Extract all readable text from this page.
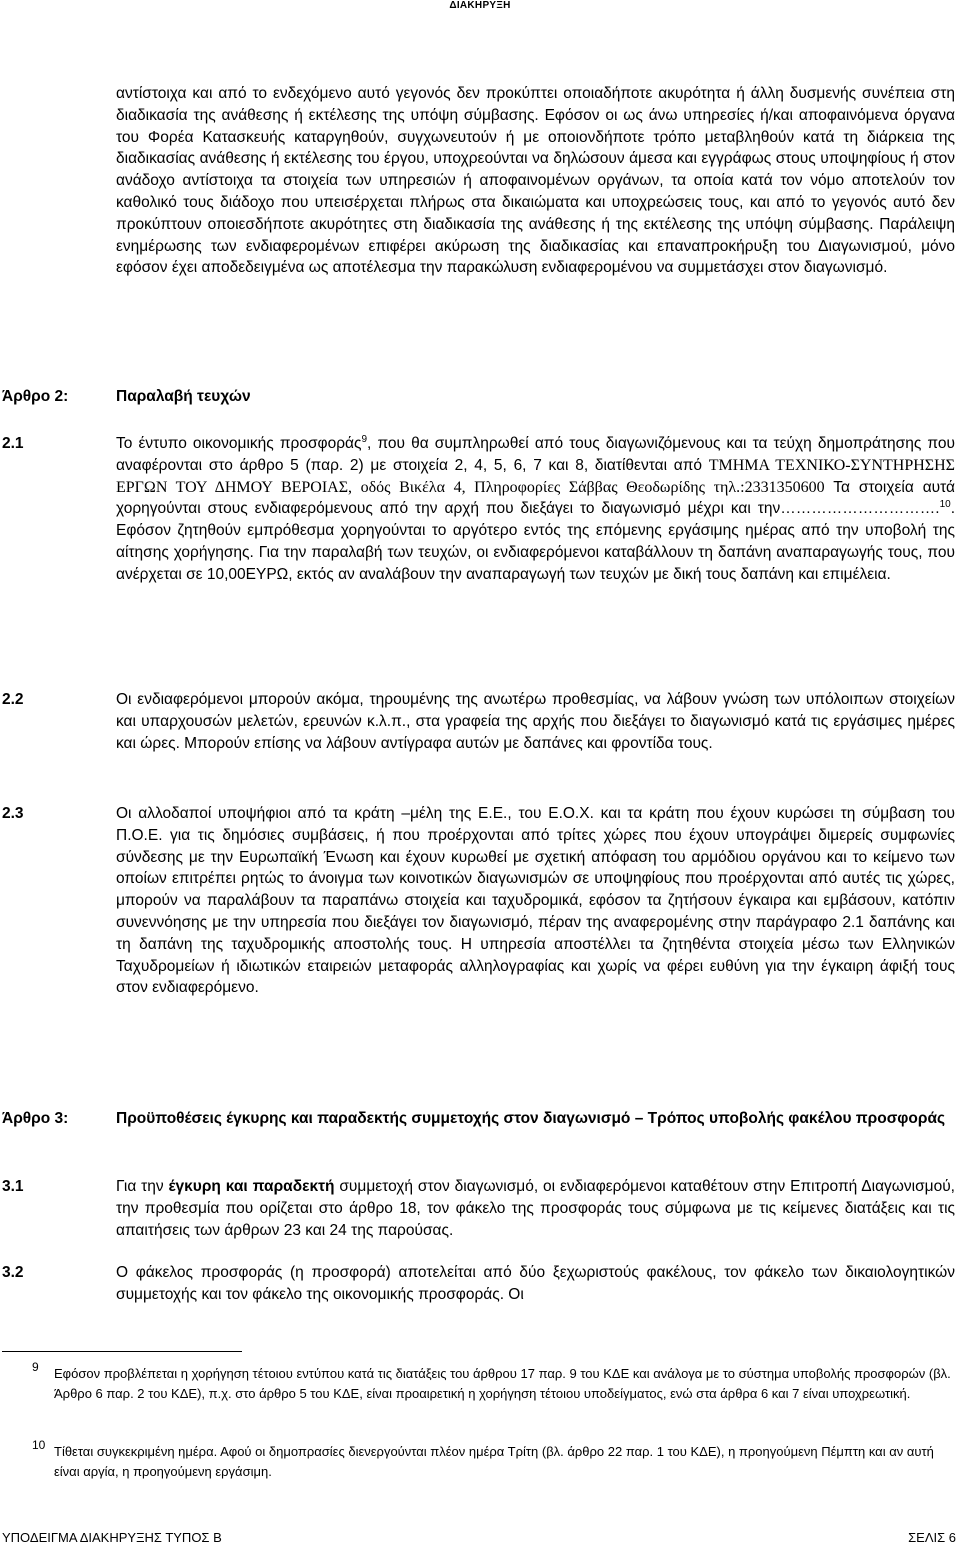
ΔΙΑΚΗΡΥΞΗ

αντίστοιχα και από το ενδεχόμενο αυτό γεγονός δεν προκύπτει οποιαδήποτε ακυρότητα ή άλλη δυσμενής συνέπεια στη διαδικασία της ανάθεσης ή εκτέλεσης της υπόψη σύμβασης. Εφόσον οι ως άνω υπηρεσίες ή/και αποφαινόμενα όργανα του Φορέα Κατασκευής καταργηθούν, συγχωνευτούν ή με οποιονδήποτε τρόπο μεταβληθούν κατά τη διάρκεια της διαδικασίας ανάθεσης ή εκτέλεσης του έργου, υποχρεούνται να δηλώσουν άμεσα και εγγράφως στους υποψηφίους ή στον ανάδοχο αντίστοιχα τα στοιχεία των υπηρεσιών ή αποφαινομένων οργάνων, τα οποία κατά τον νόμο αποτελούν τον καθολικό τους διάδοχο που υπεισέρχεται πλήρως στα δικαιώματα και υποχρεώσεις τους, και από το γεγονός αυτό δεν προκύπτουν οποιεσδήποτε ακυρότητες στη διαδικασία της ανάθεσης ή της εκτέλεσης της υπόψη σύμβασης. Παράλειψη ενημέρωσης των ενδιαφερομένων επιφέρει ακύρωση της διαδικασίας και επαναπροκήρυξη του Διαγωνισμού, μόνο εφόσον έχει αποδεδειγμένα ως αποτέλεσμα την παρακώλυση ενδιαφερομένου να συμμετάσχει στον διαγωνισμό.

Άρθρο 2:	Παραλαβή τευχών
2.1	Το έντυπο οικονομικής προσφοράς$^9$, που θα συμπληρωθεί από τους διαγωνιζόμενους και τα τεύχη δημοπράτησης που αναφέρονται στο άρθρο 5 (παρ. 2) με στοιχεία 2, 4, 5, 6, 7 και 8, διατίθενται από ΤΜΗΜΑ ΤΕΧΝΙΚΟ-ΣΥΝΤΗΡΗΣΗΣ ΕΡΓΩΝ ΤΟΥ ΔΗΜΟΥ ΒΕΡΟΙΑΣ, οδός Βικέλα 4, Πληροφορίες Σάββας Θεοδωρίδης τηλ.:2331350600 Τα στοιχεία αυτά χορηγούνται στους ενδιαφερόμενους από την αρχή που διεξάγει το διαγωνισμό μέχρι και την………………………….$^{10}$. Εφόσον ζητηθούν εμπρόθεσμα χορηγούνται το αργότερο εντός της επόμενης εργάσιμης ημέρας από την υποβολή της αίτησης χορήγησης. Για την παραλαβή των τευχών, οι ενδιαφερόμενοι καταβάλλουν τη δαπάνη αναπαραγωγής τους, που ανέρχεται σε 10,00ΕΥΡΩ, εκτός αν αναλάβουν την αναπαραγωγή των τευχών με δική τους δαπάνη και επιμέλεια.

2.2	Οι ενδιαφερόμενοι μπορούν ακόμα, τηρουμένης της ανωτέρω προθεσμίας, να λάβουν γνώση των υπόλοιπων στοιχείων και υπαρχουσών μελετών, ερευνών κ.λ.π., στα γραφεία της αρχής που διεξάγει το διαγωνισμό κατά τις εργάσιμες ημέρες και ώρες. Μπορούν επίσης να λάβουν αντίγραφα αυτών με δαπάνες και φροντίδα τους.

2.3	Οι αλλοδαποί υποψήφιοι από τα κράτη –μέλη της Ε.Ε., του Ε.Ο.Χ. και τα κράτη που έχουν κυρώσει τη σύμβαση του Π.Ο.Ε. για τις δημόσιες συμβάσεις, ή που προέρχονται από τρίτες χώρες που έχουν υπογράψει διμερείς συμφωνίες σύνδεσης με την Ευρωπαϊκή Ένωση και έχουν κυρωθεί με σχετική απόφαση του αρμόδιου οργάνου και το κείμενο των οποίων επιτρέπει ρητώς το άνοιγμα των κοινοτικών διαγωνισμών σε υποψηφίους που προέρχονται από αυτές τις χώρες, μπορούν να παραλάβουν τα παραπάνω στοιχεία και ταχυδρομικά, εφόσον τα ζητήσουν έγκαιρα και εμβάσουν, κατόπιν συνεννόησης με την υπηρεσία που διεξάγει τον διαγωνισμό, πέραν της αναφερομένης στην παράγραφο 2.1 δαπάνης και τη δαπάνη της ταχυδρομικής αποστολής τους. Η υπηρεσία αποστέλλει τα ζητηθέντα στοιχεία μέσω των Ελληνικών Ταχυδρομείων ή ιδιωτικών εταιρειών μεταφοράς αλληλογραφίας και χωρίς να φέρει ευθύνη για την έγκαιρη άφιξή τους στον ενδιαφερόμενο.

Άρθρο 3:	Προϋποθέσεις έγκυρης και παραδεκτής συμμετοχής στον διαγωνισμό – Τρόπος υποβολής φακέλου προσφοράς
3.1	Για την έγκυρη και παραδεκτή συμμετοχή στον διαγωνισμό, οι ενδιαφερόμενοι καταθέτουν στην Επιτροπή Διαγωνισμού, την προθεσμία που ορίζεται στο άρθρο 18, τον φάκελο της προσφοράς τους σύμφωνα με τις κείμενες διατάξεις και τις απαιτήσεις των άρθρων 23 και 24 της παρούσας.

3.2	Ο φάκελος προσφοράς (η προσφορά) αποτελείται από δύο ξεχωριστούς φακέλους, τον φάκελο των δικαιολογητικών συμμετοχής και τον φάκελο της οικονομικής προσφοράς. Οι

9 Εφόσον προβλέπεται η χορήγηση τέτοιου εντύπου κατά τις διατάξεις του άρθρου 17 παρ. 9 του ΚΔΕ και ανάλογα με το σύστημα υποβολής προσφορών (βλ. Άρθρο 6 παρ. 2 του ΚΔΕ), π.χ. στο άρθρο 5 του ΚΔΕ, είναι προαιρετική η χορήγηση τέτοιου υποδείγματος, ενώ στα άρθρα 6 και 7 είναι υποχρεωτική.

10 Τίθεται συγκεκριμένη ημέρα. Αφού οι δημοπρασίες διενεργούνται πλέον ημέρα Τρίτη (βλ. άρθρο 22 παρ. 1 του ΚΔΕ), η προηγούμενη Πέμπτη και αν αυτή είναι αργία, η προηγούμενη εργάσιμη.

ΥΠΟΔΕΙΓΜΑ ΔΙΑΚΗΡΥΞΗΣ ΤΥΠΟΣ Β	ΣΕΛΙΣ 6
